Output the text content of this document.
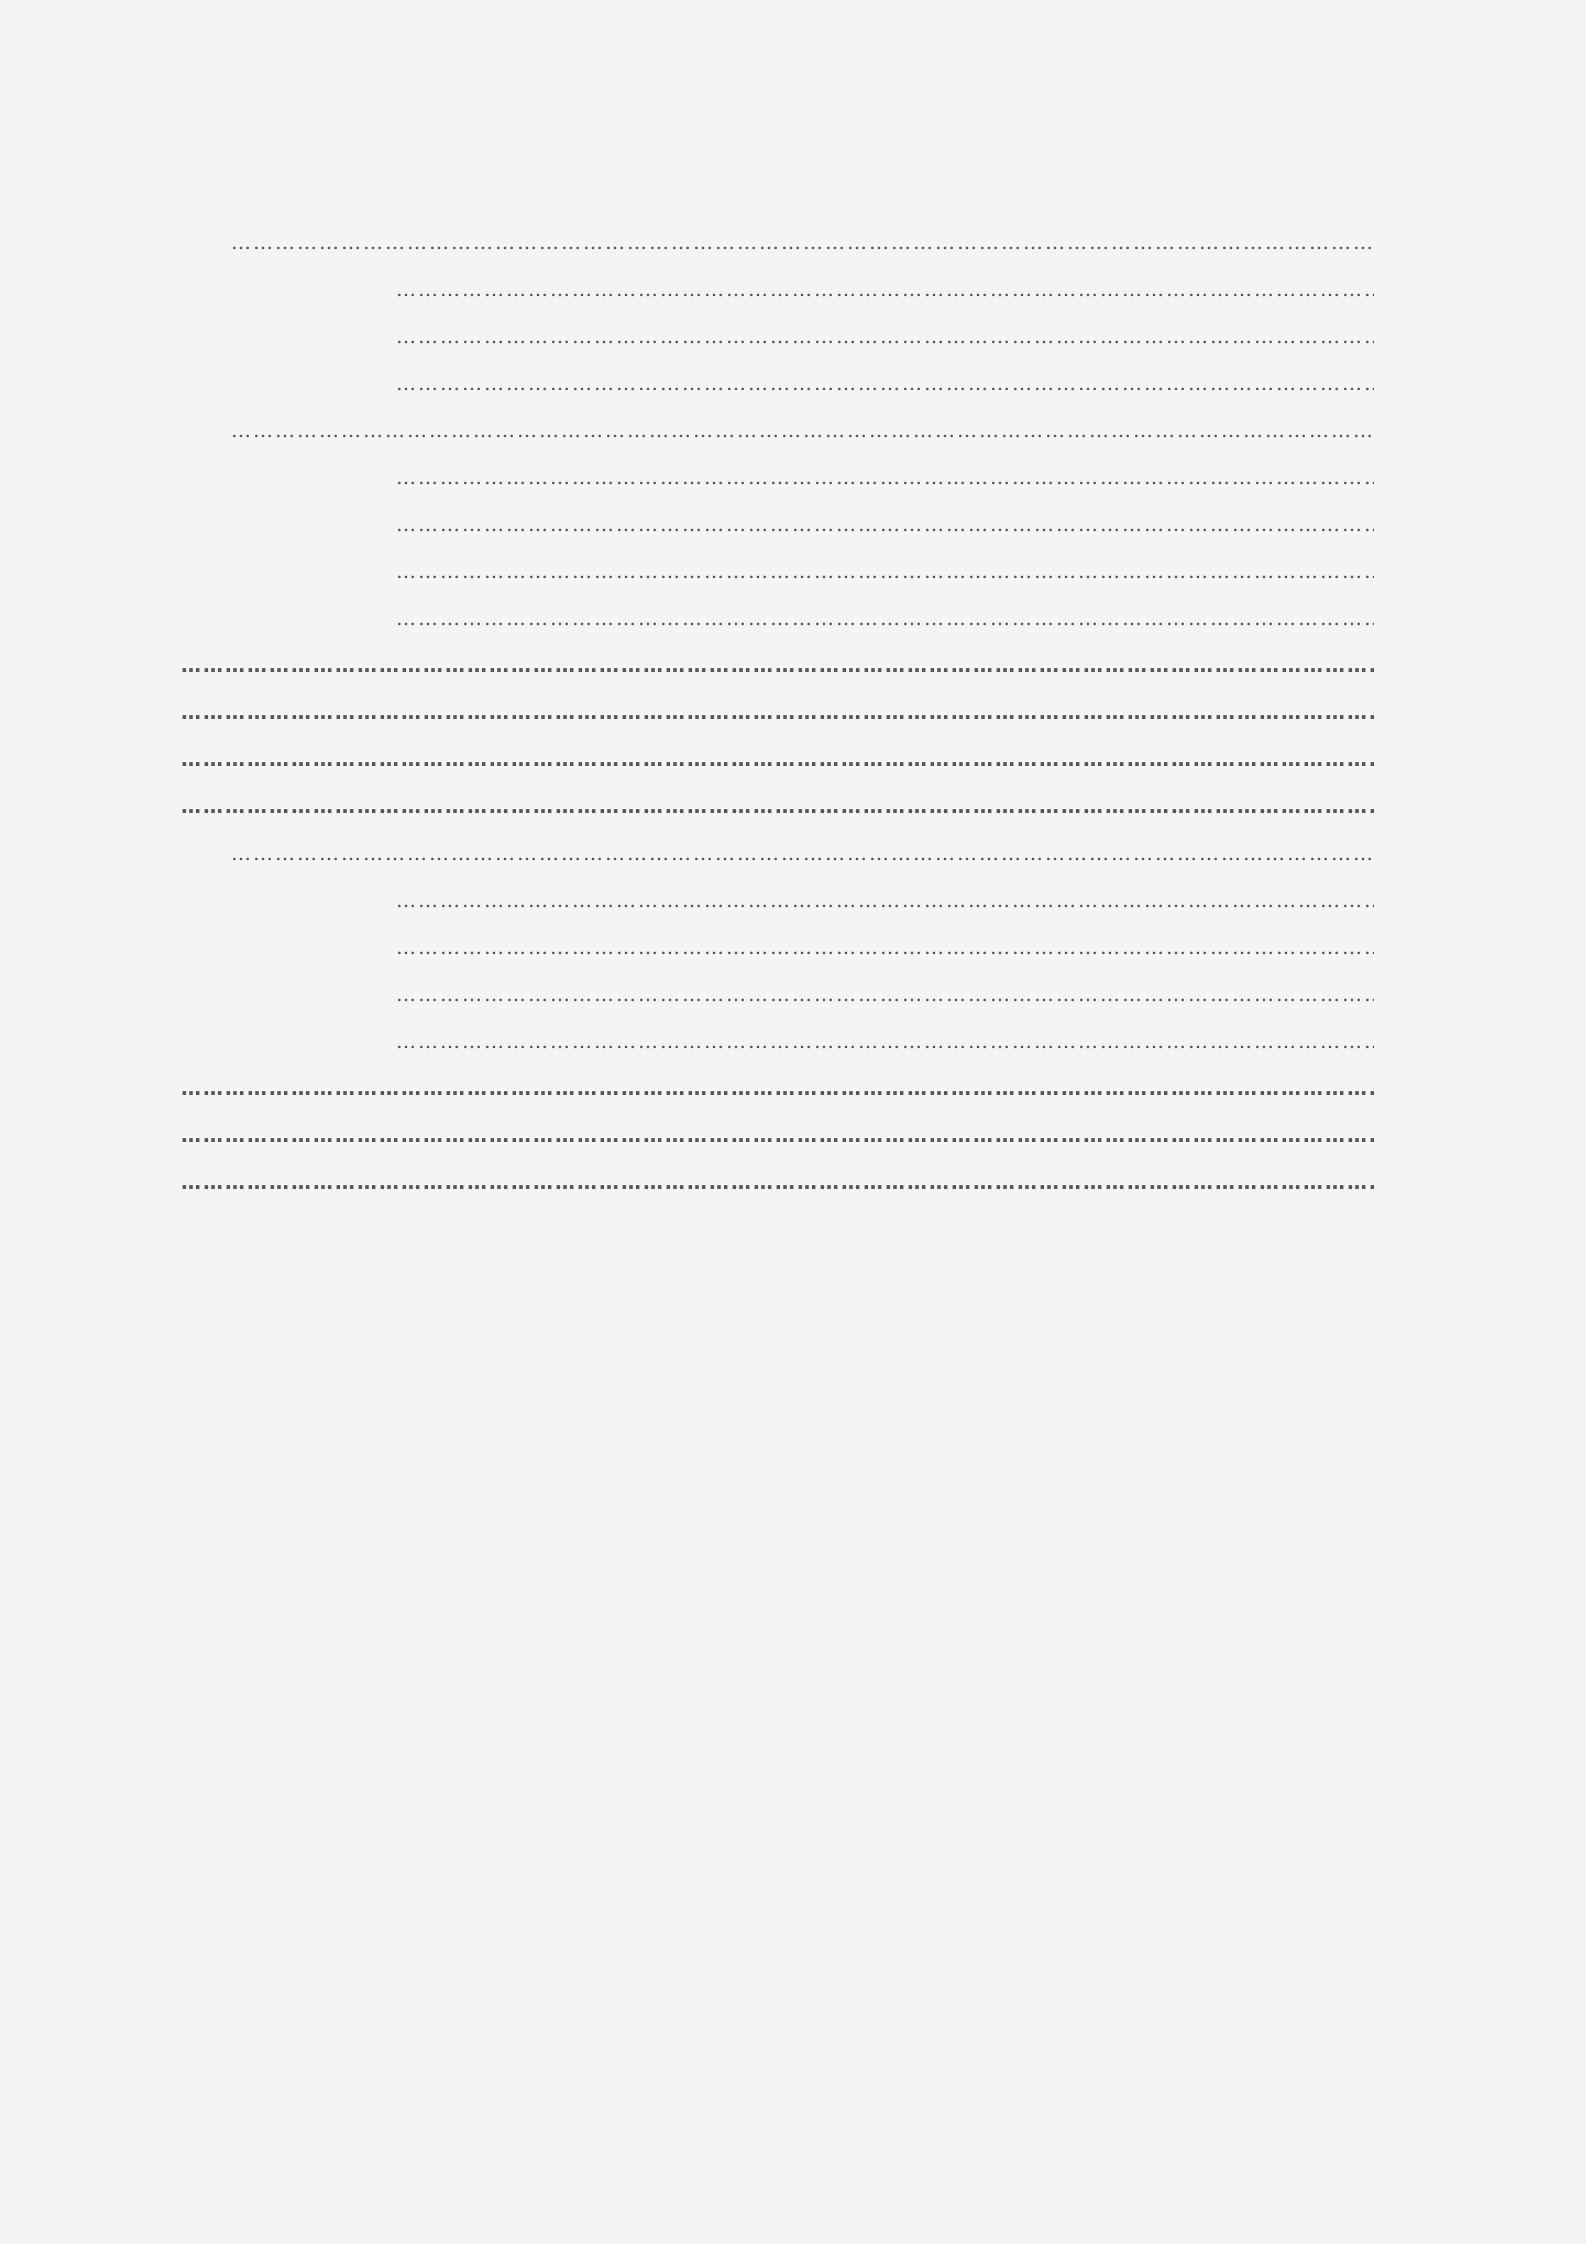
…………………………………………………………………………………………………………………………………………………………………………………………………………………………
…………………………………………………………………………………………………………………………………………………………………………………………………………………………
…………………………………………………………………………………………………………………………………………………………………………………………………………………………
…………………………………………………………………………………………………………………………………………………………………………………………………………………………
…………………………………………………………………………………………………………………………………………………………………………………………………………………………
…………………………………………………………………………………………………………………………………………………………………………………………………………………………
…………………………………………………………………………………………………………………………………………………………………………………………………………………………
…………………………………………………………………………………………………………………………………………………………………………………………………………………………
…………………………………………………………………………………………………………………………………………………………………………………………………………………………
…………………………………………………………………………………………………………………………………………………………………………………………………………………………
…………………………………………………………………………………………………………………………………………………………………………………………………………………………
…………………………………………………………………………………………………………………………………………………………………………………………………………………………
…………………………………………………………………………………………………………………………………………………………………………………………………………………………
…………………………………………………………………………………………………………………………………………………………………………………………………………………………
…………………………………………………………………………………………………………………………………………………………………………………………………………………………
…………………………………………………………………………………………………………………………………………………………………………………………………………………………
…………………………………………………………………………………………………………………………………………………………………………………………………………………………
…………………………………………………………………………………………………………………………………………………………………………………………………………………………
…………………………………………………………………………………………………………………………………………………………………………………………………………………………
…………………………………………………………………………………………………………………………………………………………………………………………………………………………
…………………………………………………………………………………………………………………………………………………………………………………………………………………………
